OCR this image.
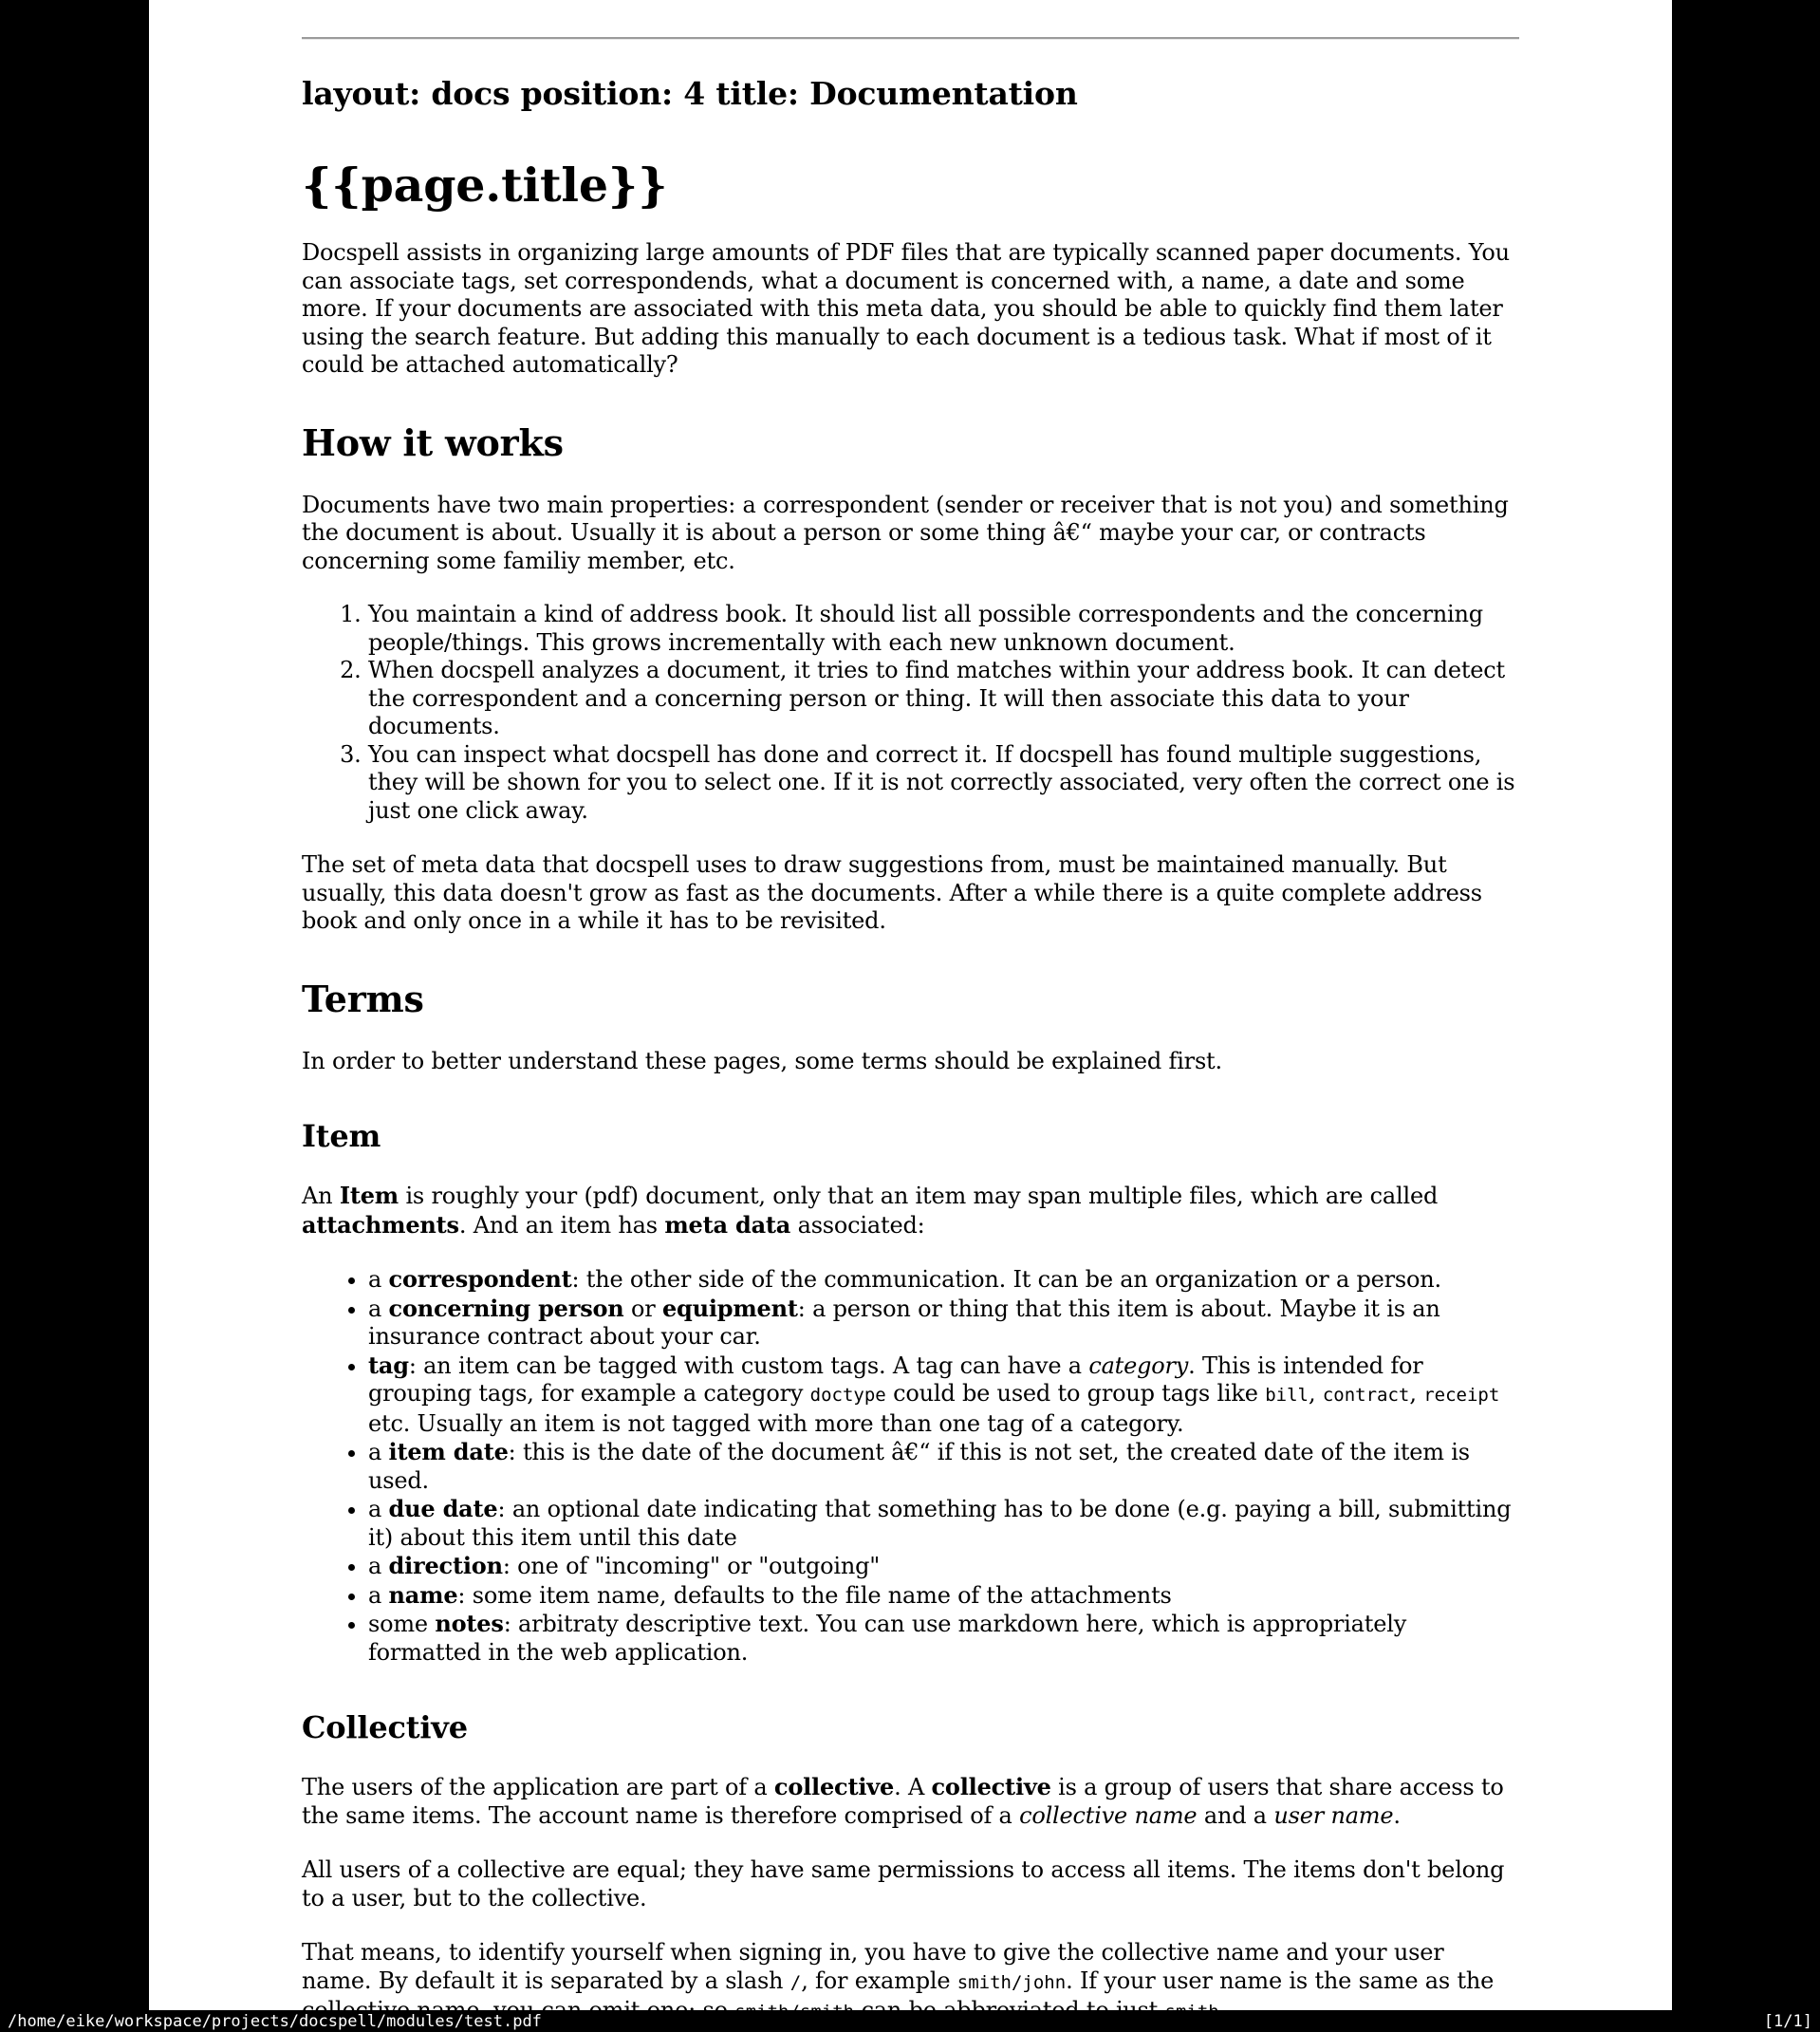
layout: docs position: 4 title: Documentation
{{page.title}}

Docspell assists in organizing large amounts of PDF files that are typically scanned paper documents. You can associate tags, set correspondends, what a document is concerned with, a name, a date and some more. If your documents are associated with this meta data, you should be able to quickly find them later using the search feature. But adding this manually to each document is a tedious task. What if most of it could be attached automatically?

How it works

Documents have two main properties: a correspondent (sender or receiver that is not you) and something the document is about. Usually it is about a person or some thing â€“ maybe your car, or contracts concerning some familiy member, etc.

1. You maintain a kind of address book. It should list all possible correspondents and the concerning people/things. This grows incrementally with each new unknown document.
2. When docspell analyzes a document, it tries to find matches within your address book. It can detect the correspondent and a concerning person or thing. It will then associate this data to your documents.
3. You can inspect what docspell has done and correct it. If docspell has found multiple suggestions, they will be shown for you to select one. If it is not correctly associated, very often the correct one is just one click away.

The set of meta data that docspell uses to draw suggestions from, must be maintained manually. But usually, this data doesn't grow as fast as the documents. After a while there is a quite complete address book and only once in a while it has to be revisited.

Terms

In order to better understand these pages, some terms should be explained first.

Item

An Item is roughly your (pdf) document, only that an item may span multiple files, which are called attachments. And an item has meta data associated:

• a correspondent: the other side of the communication. It can be an organization or a person.
• a concerning person or equipment: a person or thing that this item is about. Maybe it is an insurance contract about your car.
• tag: an item can be tagged with custom tags. A tag can have a category. This is intended for grouping tags, for example a category doctype could be used to group tags like bill, contract, receipt etc. Usually an item is not tagged with more than one tag of a category.
• a item date: this is the date of the document â€“ if this is not set, the created date of the item is used.
• a due date: an optional date indicating that something has to be done (e.g. paying a bill, submitting it) about this item until this date
• a direction: one of "incoming" or "outgoing"
• a name: some item name, defaults to the file name of the attachments
• some notes: arbitraty descriptive text. You can use markdown here, which is appropriately formatted in the web application.
Collective

The users of the application are part of a collective. A collective is a group of users that share access to the same items. The account name is therefore comprised of a collective name and a user name.

All users of a collective are equal; they have same permissions to access all items. The items don't belong to a user, but to the collective.

That means, to identify yourself when signing in, you have to give the collective name and your user name. By default it is separated by a slash /, for example smith/john. If your user name is the same as the

/home/eike/workspace/projects/docspell/modules/test.pdf	[1/1]
